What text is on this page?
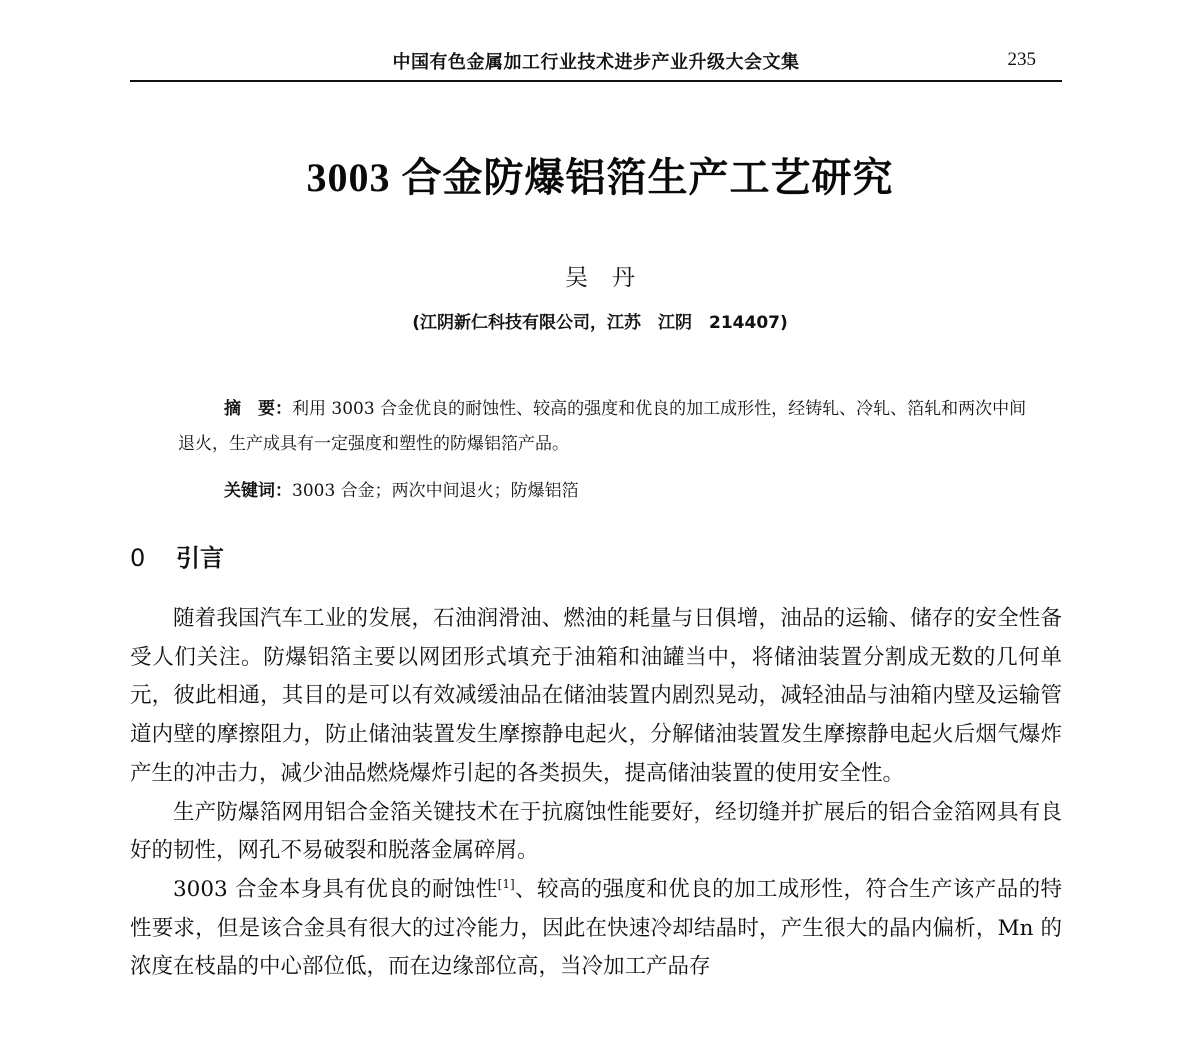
中国有色金属加工行业技术进步产业升级大会文集	235
3003 合金防爆铝箔生产工艺研究
吴丹
(江阴新仁科技有限公司，江苏　江阴　214407)
摘　要：利用 3003 合金优良的耐蚀性、较高的强度和优良的加工成形性，经铸轧、冷轧、箔轧和两次中间退火，生产成具有一定强度和塑性的防爆铝箔产品。
关键词：3003 合金；两次中间退火；防爆铝箔
0 引言

随着我国汽车工业的发展，石油润滑油、燃油的耗量与日俱增，油品的运输、储存的安全性备受人们关注。防爆铝箔主要以网团形式填充于油箱和油罐当中，将储油装置分割成无数的几何单元，彼此相通，其目的是可以有效减缓油品在储油装置内剧烈晃动，减轻油品与油箱内壁及运输管道内壁的摩擦阻力，防止储油装置发生摩擦静电起火，分解储油装置发生摩擦静电起火后烟气爆炸产生的冲击力，减少油品燃烧爆炸引起的各类损失，提高储油装置的使用安全性。

生产防爆箔网用铝合金箔关键技术在于抗腐蚀性能要好，经切缝并扩展后的铝合金箔网具有良好的韧性，网孔不易破裂和脱落金属碎屑。

3003 合金本身具有优良的耐蚀性[1]、较高的强度和优良的加工成形性，符合生产该产品的特性要求，但是该合金具有很大的过冷能力，因此在快速冷却结晶时，产生很大的晶内偏析，Mn 的浓度在枝晶的中心部位低，而在边缘部位高，当冷加工产品存
